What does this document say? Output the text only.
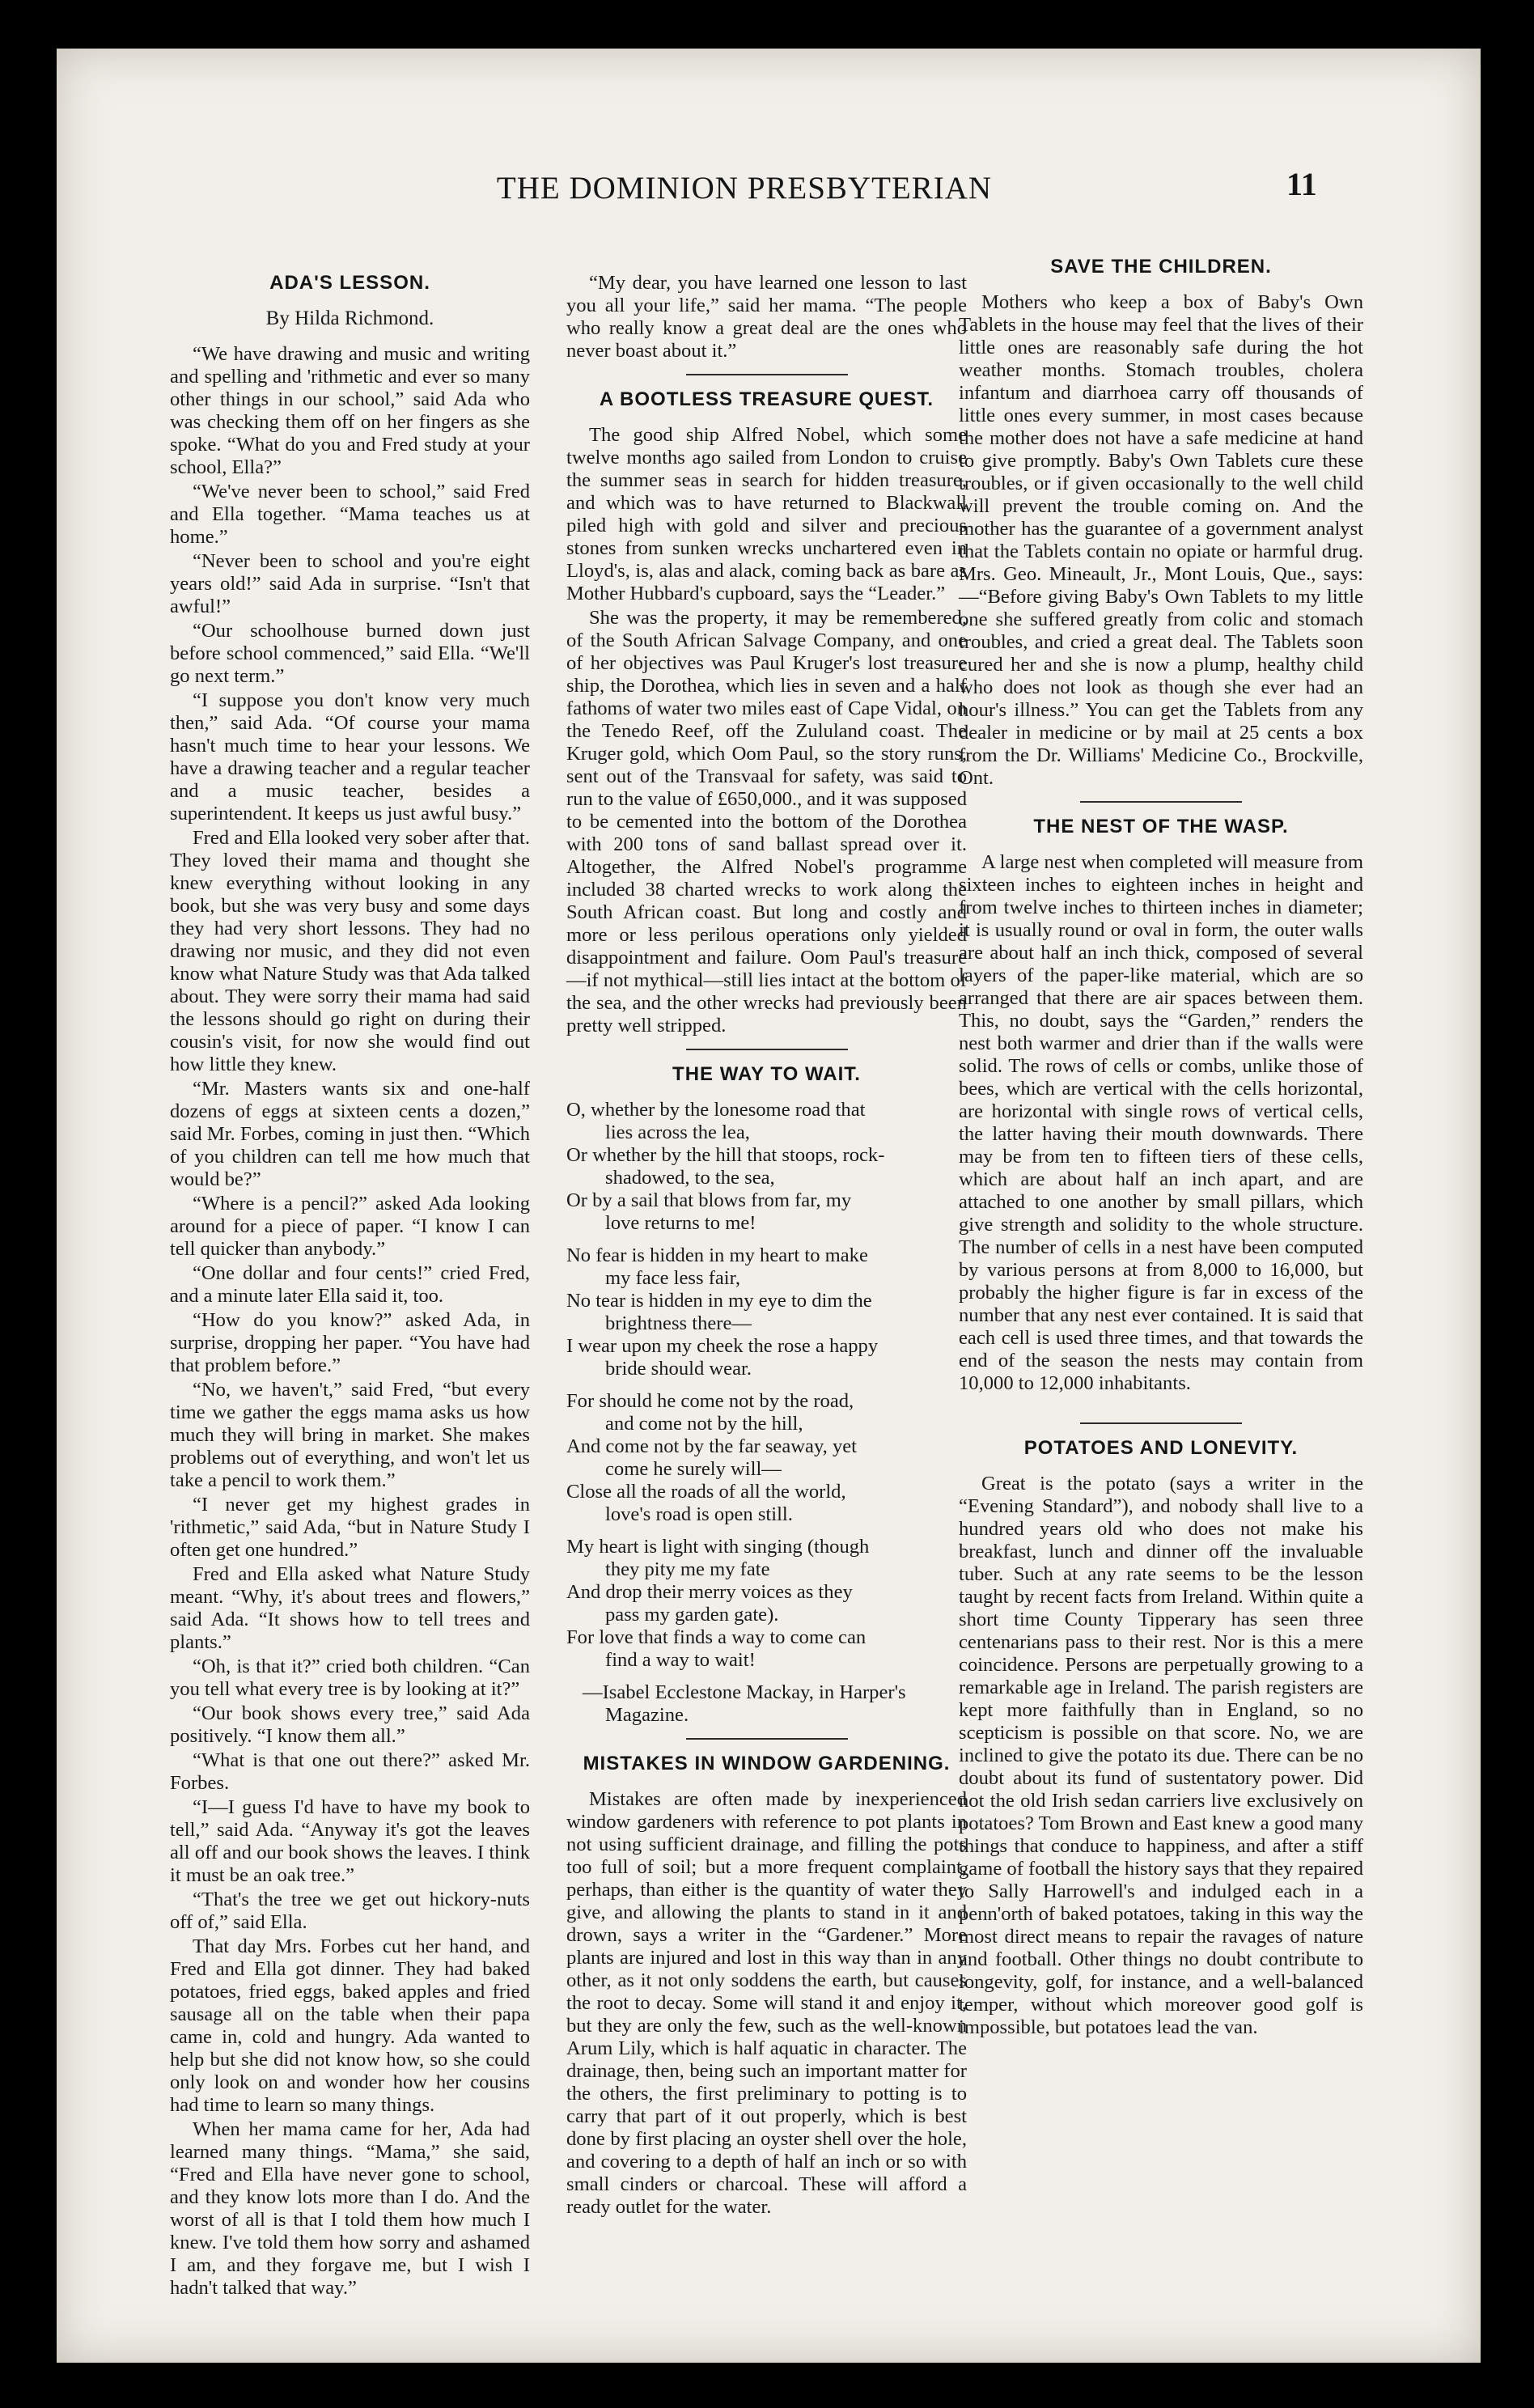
THE DOMINION PRESBYTERIAN	11
ADA'S LESSON.
By Hilda Richmond.

“We have drawing and music and writing and spelling and 'rithmetic and ever so many other things in our school,” said Ada who was checking them off on her fingers as she spoke. “What do you and Fred study at your school, Ella?”

“We've never been to school,” said Fred and Ella together. “Mama teaches us at home.”

“Never been to school and you're eight years old!” said Ada in surprise. “Isn't that awful!”

“Our schoolhouse burned down just before school commenced,” said Ella. “We'll go next term.”

“I suppose you don't know very much then,” said Ada. “Of course your mama hasn't much time to hear your lessons. We have a drawing teacher and a regular teacher and a music teacher, besides a superintendent. It keeps us just awful busy.”

Fred and Ella looked very sober after that. They loved their mama and thought she knew everything without looking in any book, but she was very busy and some days they had very short lessons. They had no drawing nor music, and they did not even know what Nature Study was that Ada talked about. They were sorry their mama had said the lessons should go right on during their cousin's visit, for now she would find out how little they knew.

“Mr. Masters wants six and one-half dozens of eggs at sixteen cents a dozen,” said Mr. Forbes, coming in just then. “Which of you children can tell me how much that would be?”

“Where is a pencil?” asked Ada looking around for a piece of paper. “I know I can tell quicker than anybody.”

“One dollar and four cents!” cried Fred, and a minute later Ella said it, too.

“How do you know?” asked Ada, in surprise, dropping her paper. “You have had that problem before.”

“No, we haven't,” said Fred, “but every time we gather the eggs mama asks us how much they will bring in market. She makes problems out of everything, and won't let us take a pencil to work them.”

“I never get my highest grades in 'rithmetic,” said Ada, “but in Nature Study I often get one hundred.”

Fred and Ella asked what Nature Study meant. “Why, it's about trees and flowers,” said Ada. “It shows how to tell trees and plants.”

“Oh, is that it?” cried both children. “Can you tell what every tree is by looking at it?”

“Our book shows every tree,” said Ada positively. “I know them all.”

“What is that one out there?” asked Mr. Forbes.

“I—I guess I'd have to have my book to tell,” said Ada. “Anyway it's got the leaves all off and our book shows the leaves. I think it must be an oak tree.”

“That's the tree we get out hickory-nuts off of,” said Ella.

That day Mrs. Forbes cut her hand, and Fred and Ella got dinner. They had baked potatoes, fried eggs, baked apples and fried sausage all on the table when their papa came in, cold and hungry. Ada wanted to help but she did not know how, so she could only look on and wonder how her cousins had time to learn so many things.

When her mama came for her, Ada had learned many things. “Mama,” she said, “Fred and Ella have never gone to school, and they know lots more than I do. And the worst of all is that I told them how much I knew. I've told them how sorry and ashamed I am, and they forgave me, but I wish I hadn't talked that way.”

“My dear, you have learned one lesson to last you all your life,” said her mama. “The people who really know a great deal are the ones who never boast about it.”

A BOOTLESS TREASURE QUEST.

The good ship Alfred Nobel, which some twelve months ago sailed from London to cruise the summer seas in search for hidden treasure, and which was to have returned to Blackwall piled high with gold and silver and precious stones from sunken wrecks unchartered even in Lloyd's, is, alas and alack, coming back as bare as Mother Hubbard's cupboard, says the “Leader.”

She was the property, it may be remembered, of the South African Salvage Company, and one of her objectives was Paul Kruger's lost treasure ship, the Dorothea, which lies in seven and a half fathoms of water two miles east of Cape Vidal, on the Tenedo Reef, off the Zululand coast. The Kruger gold, which Oom Paul, so the story runs, sent out of the Transvaal for safety, was said to run to the value of £650,000., and it was supposed to be cemented into the bottom of the Dorothea with 200 tons of sand ballast spread over it. Altogether, the Alfred Nobel's programme included 38 charted wrecks to work along the South African coast. But long and costly and more or less perilous operations only yielded disappointment and failure. Oom Paul's treasure—if not mythical—still lies intact at the bottom of the sea, and the other wrecks had previously been pretty well stripped.

THE WAY TO WAIT.
O, whether by the lonesome road that
lies across the lea,
Or whether by the hill that stoops, rock-
shadowed, to the sea,
Or by a sail that blows from far, my
love returns to me!
No fear is hidden in my heart to make
my face less fair,
No tear is hidden in my eye to dim the
brightness there—
I wear upon my cheek the rose a happy
bride should wear.
For should he come not by the road,
and come not by the hill,
And come not by the far seaway, yet
come he surely will—
Close all the roads of all the world,
love's road is open still.
My heart is light with singing (though
they pity me my fate
And drop their merry voices as they
pass my garden gate).
For love that finds a way to come can
find a way to wait!
—Isabel Ecclestone Mackay, in Harper's
Magazine.
MISTAKES IN WINDOW GARDENING.

Mistakes are often made by inexperienced window gardeners with reference to pot plants in not using sufficient drainage, and filling the pots too full of soil; but a more frequent complaint, perhaps, than either is the quantity of water they give, and allowing the plants to stand in it and drown, says a writer in the “Gardener.” More plants are injured and lost in this way than in any other, as it not only soddens the earth, but causes the root to decay. Some will stand it and enjoy it, but they are only the few, such as the well-known Arum Lily, which is half aquatic in character. The drainage, then, being such an important matter for the others, the first preliminary to potting is to carry that part of it out properly, which is best done by first placing an oyster shell over the hole, and covering to a depth of half an inch or so with small cinders or charcoal. These will afford a ready outlet for the water.

SAVE THE CHILDREN.

Mothers who keep a box of Baby's Own Tablets in the house may feel that the lives of their little ones are reasonably safe during the hot weather months. Stomach troubles, cholera infantum and diarrhoea carry off thousands of little ones every summer, in most cases because the mother does not have a safe medicine at hand to give promptly. Baby's Own Tablets cure these troubles, or if given occasionally to the well child will prevent the trouble coming on. And the mother has the guarantee of a government analyst that the Tablets contain no opiate or harmful drug. Mrs. Geo. Mineault, Jr., Mont Louis, Que., says: —“Before giving Baby's Own Tablets to my little one she suffered greatly from colic and stomach troubles, and cried a great deal. The Tablets soon cured her and she is now a plump, healthy child who does not look as though she ever had an hour's illness.” You can get the Tablets from any dealer in medicine or by mail at 25 cents a box from the Dr. Williams' Medicine Co., Brockville, Ont.

THE NEST OF THE WASP.

A large nest when completed will measure from sixteen inches to eighteen inches in height and from twelve inches to thirteen inches in diameter; it is usually round or oval in form, the outer walls are about half an inch thick, composed of several layers of the paper-like material, which are so arranged that there are air spaces between them. This, no doubt, says the “Garden,” renders the nest both warmer and drier than if the walls were solid. The rows of cells or combs, unlike those of bees, which are vertical with the cells horizontal, are horizontal with single rows of vertical cells, the latter having their mouth downwards. There may be from ten to fifteen tiers of these cells, which are about half an inch apart, and are attached to one another by small pillars, which give strength and solidity to the whole structure. The number of cells in a nest have been computed by various persons at from 8,000 to 16,000, but probably the higher figure is far in excess of the number that any nest ever contained. It is said that each cell is used three times, and that towards the end of the season the nests may contain from 10,000 to 12,000 inhabitants.

POTATOES AND LONEVITY.

Great is the potato (says a writer in the “Evening Standard”), and nobody shall live to a hundred years old who does not make his breakfast, lunch and dinner off the invaluable tuber. Such at any rate seems to be the lesson taught by recent facts from Ireland. Within quite a short time County Tipperary has seen three centenarians pass to their rest. Nor is this a mere coincidence. Persons are perpetually growing to a remarkable age in Ireland. The parish registers are kept more faithfully than in England, so no scepticism is possible on that score. No, we are inclined to give the potato its due. There can be no doubt about its fund of sustentatory power. Did not the old Irish sedan carriers live exclusively on potatoes? Tom Brown and East knew a good many things that conduce to happiness, and after a stiff game of football the history says that they repaired to Sally Harrowell's and indulged each in a penn'orth of baked potatoes, taking in this way the most direct means to repair the ravages of nature and football. Other things no doubt contribute to longevity, golf, for instance, and a well-balanced temper, without which moreover good golf is impossible, but potatoes lead the van.
